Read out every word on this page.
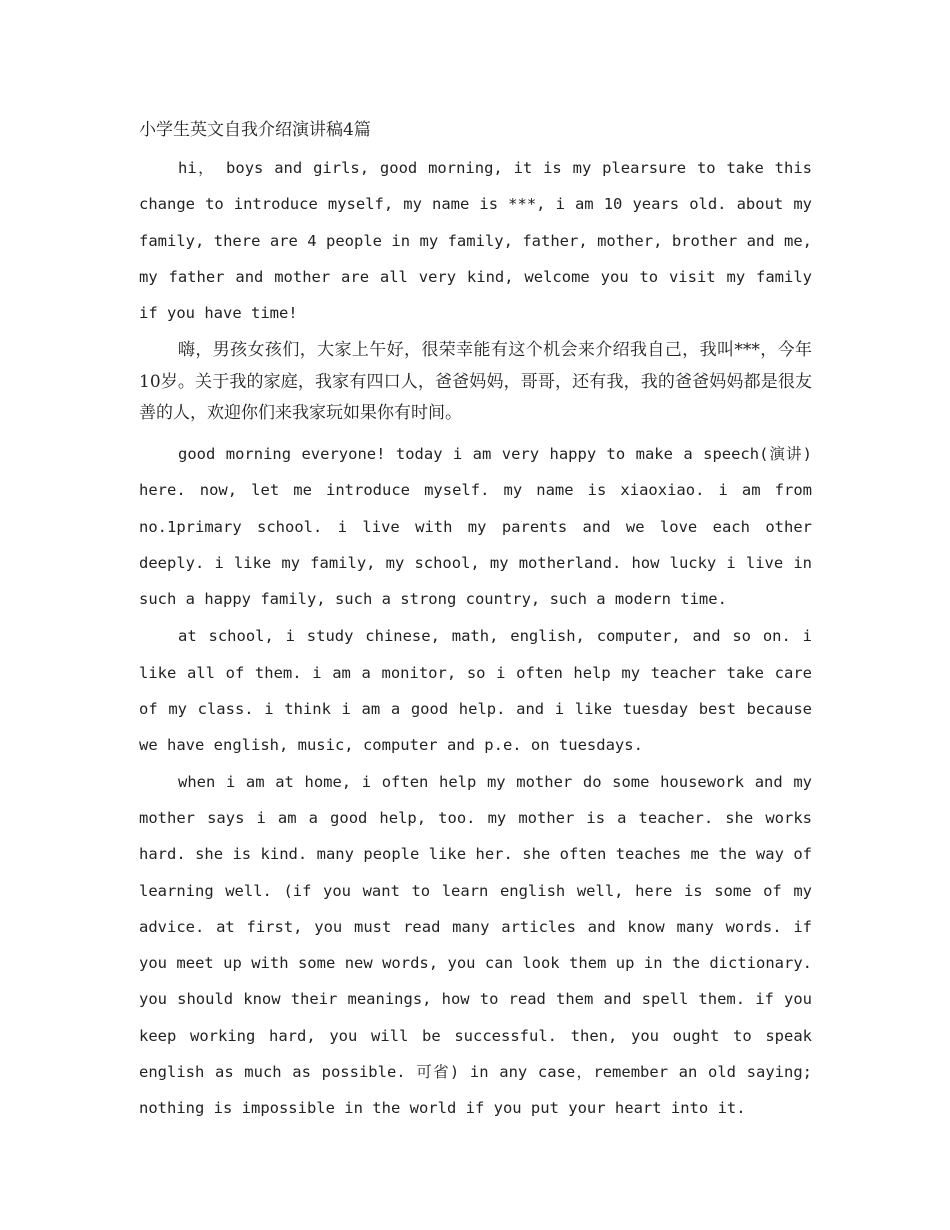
小学生英文自我介绍演讲稿4篇

hi， boys and girls, good morning, it is my plearsure to take this change to introduce myself, my name is ***, i am 10 years old. about my family, there are 4 people in my family, father, mother, brother and me, my father and mother are all very kind, welcome you to visit my family if you have time!

嗨，男孩女孩们，大家上午好，很荣幸能有这个机会来介绍我自己，我叫***，今年10岁。关于我的家庭，我家有四口人，爸爸妈妈，哥哥，还有我，我的爸爸妈妈都是很友善的人，欢迎你们来我家玩如果你有时间。

good morning everyone! today i am very happy to make a speech(演讲) here. now, let me introduce myself. my name is xiaoxiao. i am from no.1primary school. i live with my parents and we love each other deeply. i like my family, my school, my motherland. how lucky i live in such a happy family, such a strong country, such a modern time.

at school, i study chinese, math, english, computer, and so on. i like all of them. i am a monitor, so i often help my teacher take care of my class. i think i am a good help. and i like tuesday best because we have english, music, computer and p.e. on tuesdays.

when i am at home, i often help my mother do some housework and my mother says i am a good help, too. my mother is a teacher. she works hard. she is kind. many people like her. she often teaches me the way of learning well. (if you want to learn english well, here is some of my advice. at first, you must read many articles and know many words. if you meet up with some new words, you can look them up in the dictionary. you should know their meanings, how to read them and spell them. if you keep working hard, you will be successful. then, you ought to speak english as much as possible. 可省) in any case，remember an old saying; nothing is impossible in the world if you put your heart into it.
